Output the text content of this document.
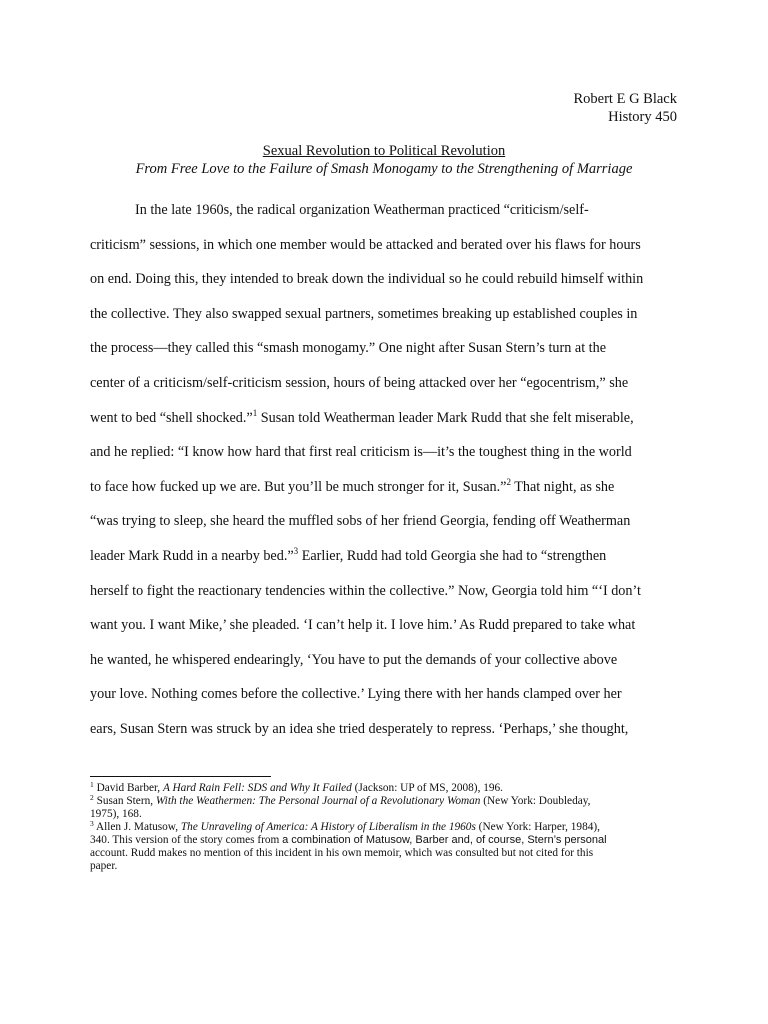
Robert E G Black
History 450
Sexual Revolution to Political Revolution
From Free Love to the Failure of Smash Monogamy to the Strengthening of Marriage
In the late 1960s, the radical organization Weatherman practiced “criticism/self-
criticism” sessions, in which one member would be attacked and berated over his flaws for hours
on end. Doing this, they intended to break down the individual so he could rebuild himself within
the collective. They also swapped sexual partners, sometimes breaking up established couples in
the process—they called this “smash monogamy.” One night after Susan Stern’s turn at the
center of a criticism/self-criticism session, hours of being attacked over her “egocentrism,” she
went to bed “shell shocked.”$^1$ Susan told Weatherman leader Mark Rudd that she felt miserable,
and he replied: “I know how hard that first real criticism is—it’s the toughest thing in the world
to face how fucked up we are. But you’ll be much stronger for it, Susan.”$^2$ That night, as she
“was trying to sleep, she heard the muffled sobs of her friend Georgia, fending off Weatherman
leader Mark Rudd in a nearby bed.”$^3$ Earlier, Rudd had told Georgia she had to “strengthen
herself to fight the reactionary tendencies within the collective.” Now, Georgia told him “‘I don’t
want you. I want Mike,’ she pleaded. ‘I can’t help it. I love him.’ As Rudd prepared to take what
he wanted, he whispered endearingly, ‘You have to put the demands of your collective above
your love. Nothing comes before the collective.’ Lying there with her hands clamped over her
ears, Susan Stern was struck by an idea she tried desperately to repress. ‘Perhaps,’ she thought,
$^1$ David Barber, A Hard Rain Fell: SDS and Why It Failed (Jackson: UP of MS, 2008), 196.
$^2$ Susan Stern, With the Weathermen: The Personal Journal of a Revolutionary Woman (New York: Doubleday,
1975), 168.
$^3$ Allen J. Matusow, The Unraveling of America: A History of Liberalism in the 1960s (New York: Harper, 1984),
340. This version of the story comes from a combination of Matusow, Barber and, of course, Stern’s personal
account. Rudd makes no mention of this incident in his own memoir, which was consulted but not cited for this
paper.
